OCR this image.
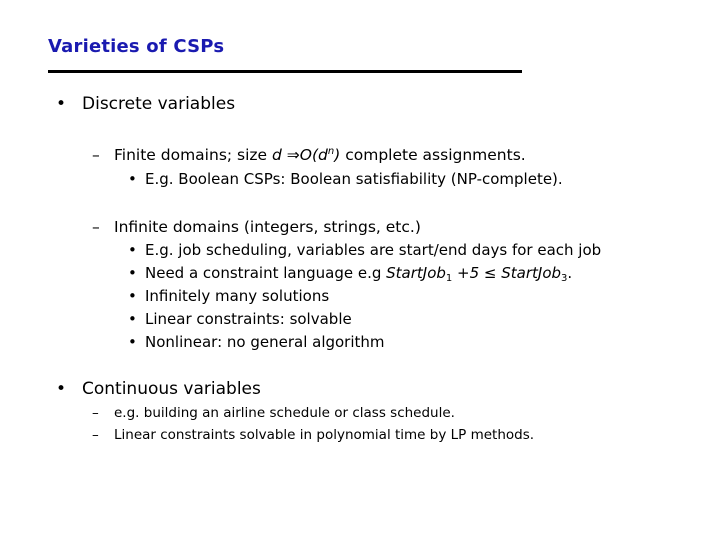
Varieties of CSPs
• Discrete variables
– Finite domains; size d $\Rightarrow O(d^n)$ complete assignments.
• E.g. Boolean CSPs: Boolean satisfiability (NP-complete).
– Infinite domains (integers, strings, etc.)
• E.g. job scheduling, variables are start/end days for each job
• Need a constraint language e.g StartJob$_1$ +5 ≤ StartJob$_3$.
• Infinitely many solutions
• Linear constraints: solvable
• Nonlinear: no general algorithm
• Continuous variables
– e.g. building an airline schedule or class schedule.
– Linear constraints solvable in polynomial time by LP methods.
